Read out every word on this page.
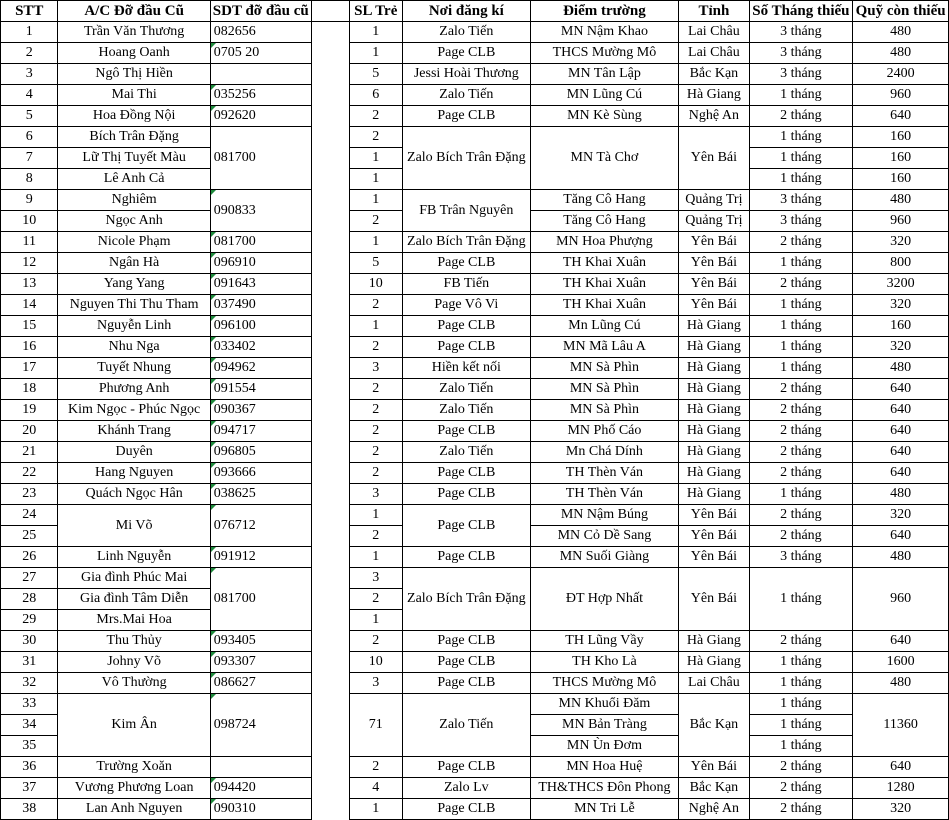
STT	A/C Đỡ đầu Cũ	SDT đỡ đầu cũ		SL Trẻ	Nơi đăng kí	Điểm trường	Tỉnh	Số Tháng thiếu	Quỹ còn thiếu
1	Trần Văn Thương	082656		1	Zalo Tiến	MN Nậm Khao	Lai Châu	3 tháng	480
2	Hoang Oanh	0705 20		1	Page CLB	THCS Mường Mô	Lai Châu	3 tháng	480
3	Ngô Thị Hiền			5	Jessi Hoài Thương	MN Tân Lập	Bắc Kạn	3 tháng	2400
4	Mai Thi	035256		6	Zalo Tiến	MN Lũng Cú	Hà Giang	1 tháng	960
5	Hoa Đồng Nội	092620		2	Page CLB	MN Kè Sùng	Nghệ An	2 tháng	640
6	Bích Trân Đặng	081700		2	Zalo Bích Trân Đặng	MN Tà Chơ	Yên Bái	1 tháng	160
7	Lữ Thị Tuyết Màu			1				1 tháng	160
8	Lê Anh Cả			1				1 tháng	160
9	Nghiêm	090833		1	FB Trân Nguyên	Tăng Cô Hang	Quảng Trị	3 tháng	480
10	Ngọc Anh			2		Tăng Cô Hang	Quảng Trị	3 tháng	960
11	Nicole Phạm	081700		1	Zalo Bích Trân Đặng	MN Hoa Phượng	Yên Bái	2 tháng	320
12	Ngân Hà	096910		5	Page CLB	TH Khai Xuân	Yên Bái	1 tháng	800
13	Yang Yang	091643		10	FB Tiến	TH Khai Xuân	Yên Bái	2 tháng	3200
14	Nguyen Thi Thu Tham	037490		2	Page Vô Vi	TH Khai Xuân	Yên Bái	1 tháng	320
15	Nguyễn Linh	096100		1	Page CLB	Mn Lũng Cú	Hà Giang	1 tháng	160
16	Nhu Nga	033402		2	Page CLB	MN Mã Lâu A	Hà Giang	1 tháng	320
17	Tuyết Nhung	094962		3	Hiền kết nối	MN Sà Phìn	Hà Giang	1 tháng	480
18	Phương Anh	091554		2	Zalo Tiến	MN Sà Phìn	Hà Giang	2 tháng	640
19	Kim Ngọc - Phúc Ngọc	090367		2	Zalo Tiến	MN Sà Phìn	Hà Giang	2 tháng	640
20	Khánh Trang	094717		2	Page CLB	MN Phố Cáo	Hà Giang	2 tháng	640
21	Duyên	096805		2	Zalo Tiến	Mn Chá Dính	Hà Giang	2 tháng	640
22	Hang Nguyen	093666		2	Page CLB	TH Thèn Ván	Hà Giang	2 tháng	640
23	Quách Ngọc Hân	038625		3	Page CLB	TH Thèn Ván	Hà Giang	1 tháng	480
24	Mi Võ	076712		1	Page CLB	MN Nậm Búng	Yên Bái	2 tháng	320
25				2		MN Cỏ Dề Sang	Yên Bái	2 tháng	640
26	Linh Nguyễn	091912		1	Page CLB	MN Suối Giàng	Yên Bái	3 tháng	480
27	Gia đình Phúc Mai	081700		3	Zalo Bích Trân Đặng	ĐT Hợp Nhất	Yên Bái	1 tháng	960
28	Gia đình Tâm Diễn			2					
29	Mrs.Mai Hoa			1					
30	Thu Thủy	093405		2	Page CLB	TH Lũng Vầy	Hà Giang	2 tháng	640
31	Johny Võ	093307		10	Page CLB	TH Kho Là	Hà Giang	1 tháng	1600
32	Vô Thường	086627		3	Page CLB	THCS Mường Mô	Lai Châu	1 tháng	480
33	Kim Ân	098724		71	Zalo Tiến	MN Khuổi Đăm	Bắc Kạn	1 tháng	11360
34						MN Bản Tràng		1 tháng	
35						MN Ùn Đơm		1 tháng	
36	Trường Xoăn			2	Page CLB	MN Hoa Huệ	Yên Bái	2 tháng	640
37	Vương Phương Loan	094420		4	Zalo Lv	TH&THCS Đôn Phong	Bắc Kạn	2 tháng	1280
38	Lan Anh Nguyen	090310		1	Page CLB	MN Tri Lễ	Nghệ An	2 tháng	320
